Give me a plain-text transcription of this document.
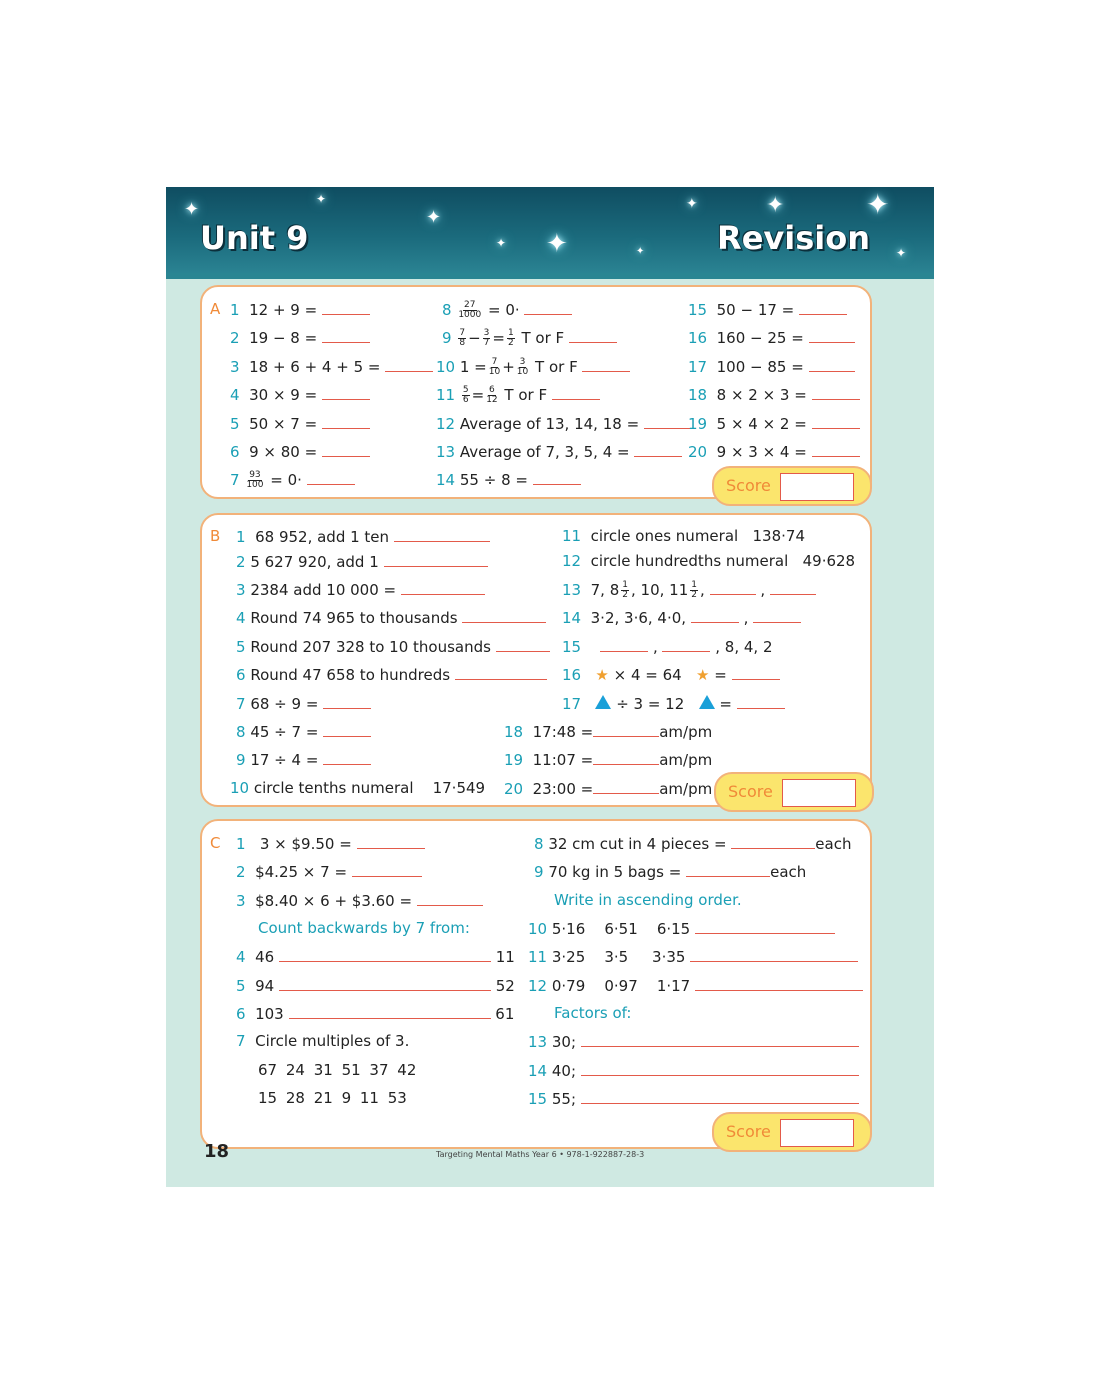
✦	✦
✦
✦ ✦
✦	✦	✦
✦
✦
Unit 9	Revision
A 1 12 + 9 =
2 19 − 8 =
3 18 + 6 + 4 + 5 =
4 30 × 9 =
5 50 × 7 =
6 9 × 80 =
$7 \frac{93}{100} = 0\cdot$
$8 \frac{27}{1000} = 0\cdot$
$9 \frac{7}{8} - \frac{3}{7} = \frac{1}{2}$ T or F
10 $1 = \frac{7}{10} + \frac{3}{10}$ T or F
$11 \frac{5}{6} = \frac{6}{12}$ T or F
12 Average of 13, 14, 18 =
13 Average of 7, 3, 5, 4 =
14 55 ÷ 8 =
15 50 − 17 =
16 160 − 25 =
17 100 − 85 =
18 8 × 2 × 3 =
19 5 × 4 × 2 =
20 9 × 3 × 4 =
Score
B 1 68 952, add 1 ten
2 5 627 920, add 1
3 2384 add 10 000 =
4 Round 74 965 to thousands
5 Round 207 328 to 10 thousands
6 Round 47 658 to hundreds
7 68 ÷ 9 =
8 45 ÷ 7 =
9 17 ÷ 4 =
10 circle tenths numeral 17·549
11 circle ones numeral 138·74
12 circle hundredths numeral 49·628
13 7, $8 \frac{1}{2}$ , 10, $11 \frac{1}{2}$ ,	,
14 3·2, 3·6, 4·0,	,
15	,	, 8, 4, 2
16 ★ × 4 = 64 ★ =
17 ÷ 3 = 12 =
18 17:48 =	am/pm
19 11:07 =	am/pm
20 23:00 =	am/pm Score
C 1 3 × $9.50 =
2 $4.25 × 7 =
3 $8.40 × 6 + $3.60 =
Count backwards by 7 from:
4 46	11
5 94	52
6 103	61
7 Circle multiples of 3.
67 24 31 51 37 42
15 28 21 9 11 53
8 32 cm cut in 4 pieces =	each
9 70 kg in 5 bags =	each
Write in ascending order.
10 5·16    6·51    6·15
11 3·25    3·5     3·35
12 0·79    0·97    1·17
Factors of:
13 30;
14 40;
15 55;
Score
18	Targeting Mental Maths Year 6 • 978-1-922887-28-3
